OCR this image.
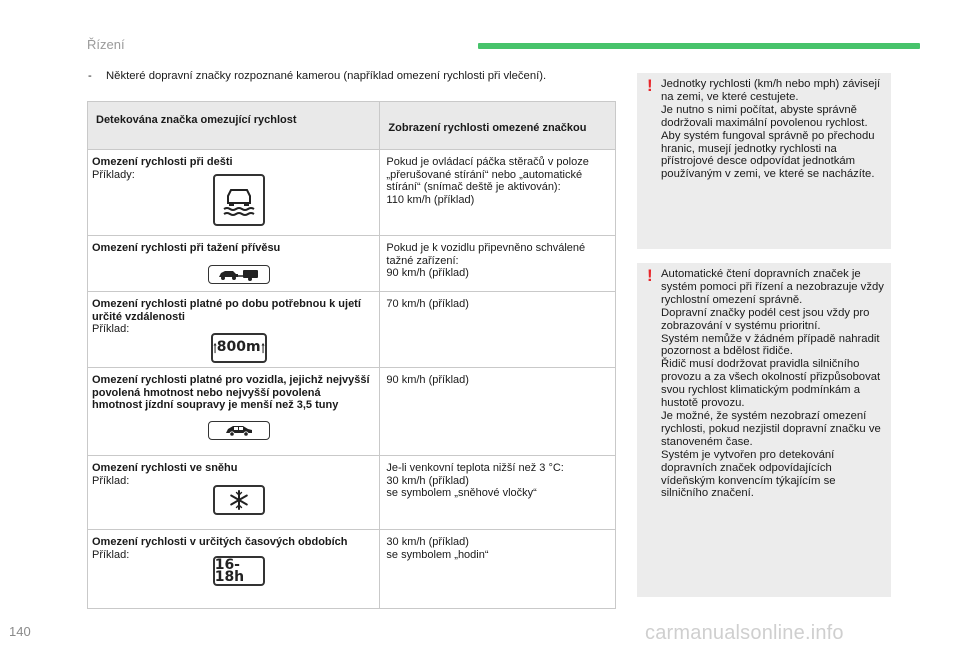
Řízení
- Některé dopravní značky rozpoznané kamerou (například omezení rychlosti při vlečení).
Detekována značka omezující rychlost	Zobrazení rychlosti omezené značkou

Omezení rychlosti při dešti
Příklady:	Pokud je ovládací páčka stěračů v poloze „přerušované stírání“ nebo „automatické stírání“ (snímač deště je aktivován):
110 km/h (příklad)

Omezení rychlosti při tažení přívěsu	Pokud je k vozidlu připevněno schválené tažné zařízení:
90 km/h (příklad)

Omezení rychlosti platné po dobu potřebnou k ujetí určité vzdálenosti
Příklad:
800m	70 km/h (příklad)

Omezení rychlosti platné pro vozidla, jejichž nejvyšší povolená hmotnost nebo nejvyšší povolená hmotnost jízdní soupravy je menší než 3,5 tuny	90 km/h (příklad)

Omezení rychlosti ve sněhu
Příklad:	Je-li venkovní teplota nižší než 3 °C:
30 km/h (příklad)
se symbolem „sněhové vločky“

Omezení rychlosti v určitých časových obdobích
Příklad:
16-18h	30 km/h (příklad)
se symbolem „hodin“
! Jednotky rychlosti (km/h nebo mph) závisejí na zemi, ve které cestujete.
Je nutno s nimi počítat, abyste správně dodržovali maximální povolenou rychlost.
Aby systém fungoval správně po přechodu hranic, musejí jednotky rychlosti na přístrojové desce odpovídat jednotkám používaným v zemi, ve které se nacházíte.

! Automatické čtení dopravních značek je systém pomoci při řízení a nezobrazuje vždy rychlostní omezení správně.
Dopravní značky podél cest jsou vždy pro zobrazování v systému prioritní.
Systém nemůže v žádném případě nahradit pozornost a bdělost řidiče.
Řidič musí dodržovat pravidla silničního provozu a za všech okolností přizpůsobovat svou rychlost klimatickým podmínkám a hustotě provozu.
Je možné, že systém nezobrazí omezení rychlosti, pokud nezjistil dopravní značku ve stanoveném čase.
Systém je vytvořen pro detekování dopravních značek odpovídajících vídeňským konvencím týkajícím se silničního značení.

140	carmanualsonline.info
